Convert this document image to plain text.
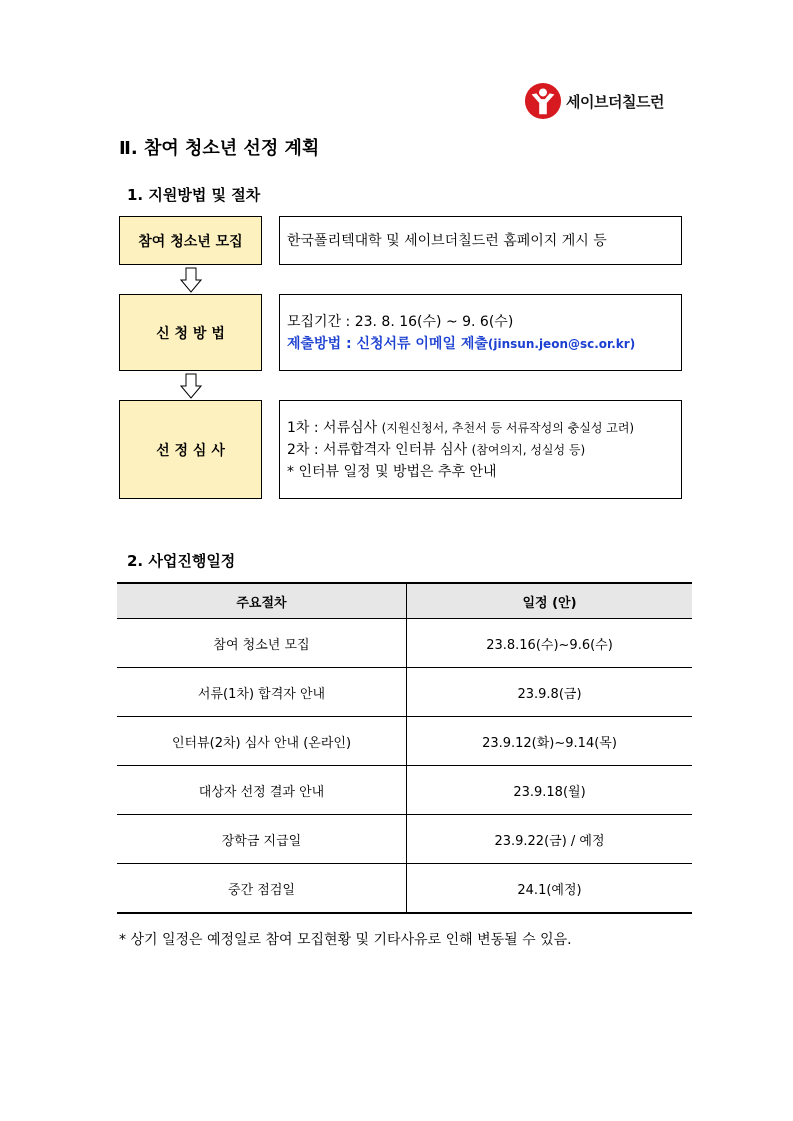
세이브더칠드런
Ⅱ. 참여 청소년 선정 계획
1. 지원방법 및 절차
참여 청소년 모집	한국폴리텍대학 및 세이브더칠드런 홈페이지 게시 등
신 청 방 법
모집기간 : 23. 8. 16(수) ~ 9. 6(수)
제출방법 : 신청서류 이메일 제출(jinsun.jeon@sc.or.kr)
선 정 심 사
1차 : 서류심사 (지원신청서, 추천서 등 서류작성의 충실성 고려)
2차 : 서류합격자 인터뷰 심사 (참여의지, 성실성 등)
* 인터뷰 일정 및 방법은 추후 안내
2. 사업진행일정
주요절차	일정 (안)
참여 청소년 모집	23.8.16(수)~9.6(수)
서류(1차) 합격자 안내	23.9.8(금)
인터뷰(2차) 심사 안내 (온라인)	23.9.12(화)~9.14(목)
대상자 선정 결과 안내	23.9.18(월)
장학금 지급일	23.9.22(금) / 예정
중간 점검일	24.1(예정)
* 상기 일정은 예정일로 참여 모집현황 및 기타사유로 인해 변동될 수 있음.
